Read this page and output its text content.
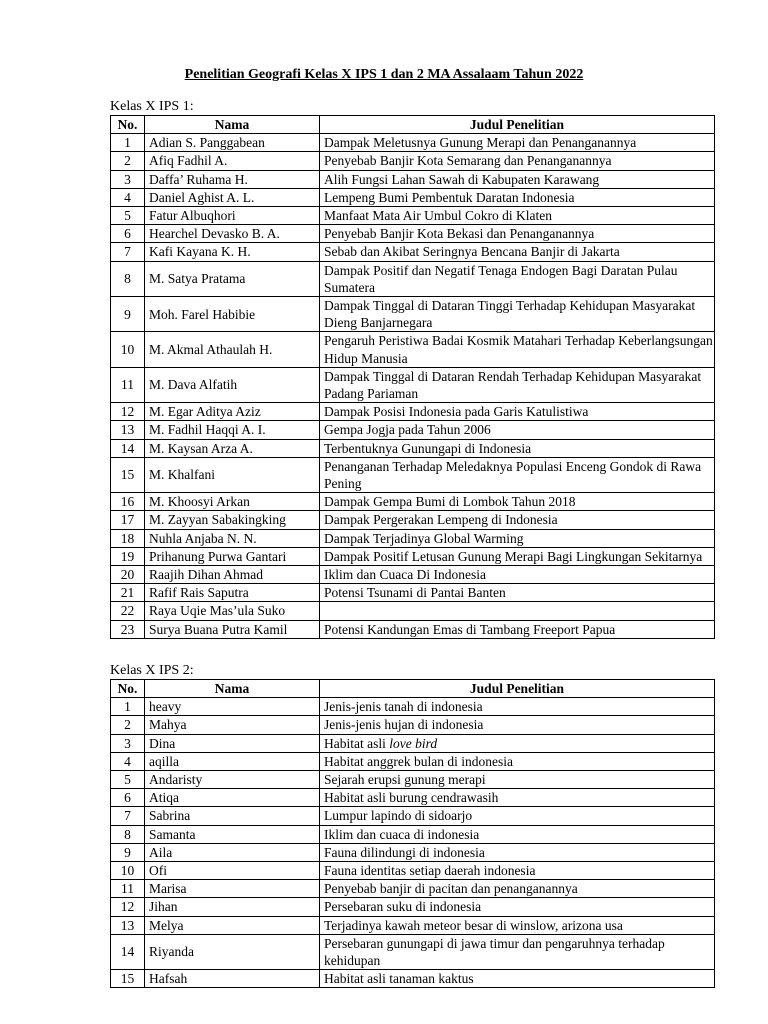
Penelitian Geografi Kelas X IPS 1 dan 2 MA Assalaam Tahun 2022
Kelas X IPS 1:
No.	Nama	Judul Penelitian
1	Adian S. Panggabean	Dampak Meletusnya Gunung Merapi dan Penanganannya
2	Afiq Fadhil A.	Penyebab Banjir Kota Semarang dan Penanganannya
3	Daffa’ Ruhama H.	Alih Fungsi Lahan Sawah di Kabupaten Karawang
4	Daniel Aghist A. L.	Lempeng Bumi Pembentuk Daratan Indonesia
5	Fatur Albuqhori	Manfaat Mata Air Umbul Cokro di Klaten
6	Hearchel Devasko B. A.	Penyebab Banjir Kota Bekasi dan Penanganannya
7	Kafi Kayana K. H.	Sebab dan Akibat Seringnya Bencana Banjir di Jakarta
8	M. Satya Pratama	Dampak Positif dan Negatif Tenaga Endogen Bagi Daratan Pulau Sumatera
9	Moh. Farel Habibie	Dampak Tinggal di Dataran Tinggi Terhadap Kehidupan Masyarakat Dieng Banjarnegara
10	M. Akmal Athaulah H.	Pengaruh Peristiwa Badai Kosmik Matahari Terhadap Keberlangsungan Hidup Manusia
11	M. Dava Alfatih	Dampak Tinggal di Dataran Rendah Terhadap Kehidupan Masyarakat Padang Pariaman
12	M. Egar Aditya Aziz	Dampak Posisi Indonesia pada Garis Katulistiwa
13	M. Fadhil Haqqi A. I.	Gempa Jogja pada Tahun 2006
14	M. Kaysan Arza A.	Terbentuknya Gunungapi di Indonesia
15	M. Khalfani	Penanganan Terhadap Meledaknya Populasi Enceng Gondok di Rawa Pening
16	M. Khoosyi Arkan	Dampak Gempa Bumi di Lombok Tahun 2018
17	M. Zayyan Sabakingking	Dampak Pergerakan Lempeng di Indonesia
18	Nuhla Anjaba N. N.	Dampak Terjadinya Global Warming
19	Prihanung Purwa Gantari	Dampak Positif Letusan Gunung Merapi Bagi Lingkungan Sekitarnya
20	Raajih Dihan Ahmad	Iklim dan Cuaca Di Indonesia
21	Rafif Rais Saputra	Potensi Tsunami di Pantai Banten
22	Raya Uqie Mas’ula Suko	
23	Surya Buana Putra Kamil	Potensi Kandungan Emas di Tambang Freeport Papua
Kelas X IPS 2:
No.	Nama	Judul Penelitian
1	heavy	Jenis-jenis tanah di indonesia
2	Mahya	Jenis-jenis hujan di indonesia
3	Dina	Habitat asli love bird
4	aqilla	Habitat anggrek bulan di indonesia
5	Andaristy	Sejarah erupsi gunung merapi
6	Atiqa	Habitat asli burung cendrawasih
7	Sabrina	Lumpur lapindo di sidoarjo
8	Samanta	Iklim dan cuaca di indonesia
9	Aila	Fauna dilindungi di indonesia
10	Ofi	Fauna identitas setiap daerah indonesia
11	Marisa	Penyebab banjir di pacitan dan penanganannya
12	Jihan	Persebaran suku di indonesia
13	Melya	Terjadinya kawah meteor besar di winslow, arizona usa
14	Riyanda	Persebaran gunungapi di jawa timur dan pengaruhnya terhadap kehidupan
15	Hafsah	Habitat asli tanaman kaktus
